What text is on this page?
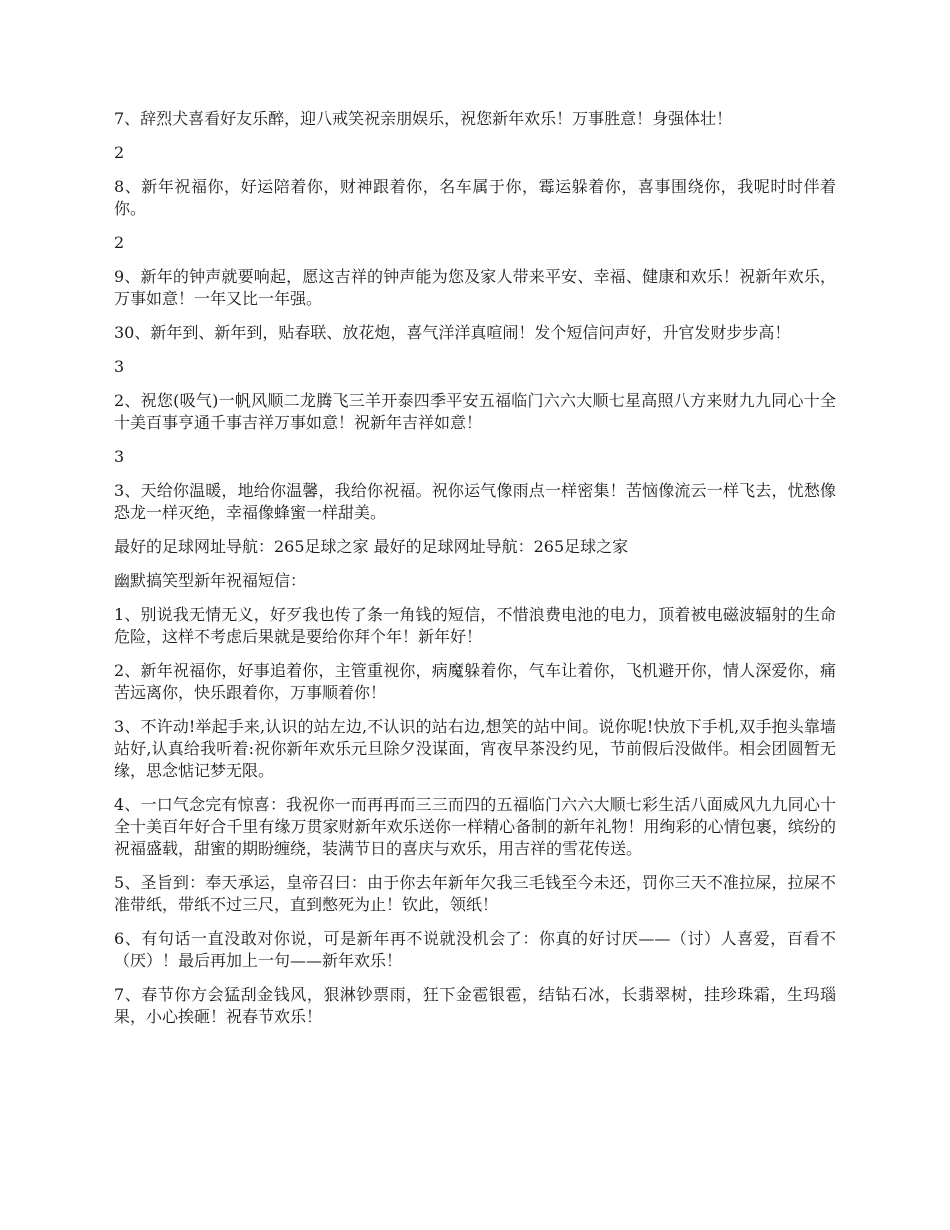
7、辞烈犬喜看好友乐醉，迎八戒笑祝亲朋娱乐，祝您新年欢乐！万事胜意！身强体壮！

2

8、新年祝福你，好运陪着你，财神跟着你，名车属于你，霉运躲着你，喜事围绕你，我呢时时伴着你。

2

9、新年的钟声就要响起，愿这吉祥的钟声能为您及家人带来平安、幸福、健康和欢乐！祝新年欢乐，万事如意！一年又比一年强。

30、新年到、新年到，贴春联、放花炮，喜气洋洋真喧闹！发个短信问声好，升官发财步步高！

3

2、祝您(吸气)一帆风顺二龙腾飞三羊开泰四季平安五福临门六六大顺七星高照八方来财九九同心十全十美百事亨通千事吉祥万事如意！祝新年吉祥如意！

3

3、天给你温暖，地给你温馨，我给你祝福。祝你运气像雨点一样密集！苦恼像流云一样飞去，忧愁像恐龙一样灭绝，幸福像蜂蜜一样甜美。

最好的足球网址导航：265足球之家 最好的足球网址导航：265足球之家

幽默搞笑型新年祝福短信：

1、别说我无情无义，好歹我也传了条一角钱的短信，不惜浪费电池的电力，顶着被电磁波辐射的生命危险，这样不考虑后果就是要给你拜个年！新年好！

2、新年祝福你，好事追着你，主管重视你，病魔躲着你，气车让着你，飞机避开你，情人深爱你，痛苦远离你，快乐跟着你，万事顺着你！

3、不许动!举起手来,认识的站左边,不认识的站右边,想笑的站中间。说你呢!快放下手机,双手抱头靠墙站好,认真给我听着:祝你新年欢乐元旦除夕没谋面，宵夜早茶没约见，节前假后没做伴。相会团圆暂无缘，思念惦记梦无限。

4、一口气念完有惊喜：我祝你一而再再而三三而四的五福临门六六大顺七彩生活八面威风九九同心十全十美百年好合千里有缘万贯家财新年欢乐送你一样精心备制的新年礼物！用绚彩的心情包裹，缤纷的祝福盛载，甜蜜的期盼缠绕，装满节日的喜庆与欢乐，用吉祥的雪花传送。

5、圣旨到：奉天承运，皇帝召曰：由于你去年新年欠我三毛钱至今未还，罚你三天不准拉屎，拉屎不准带纸，带纸不过三尺，直到憋死为止！钦此，领纸！

6、有句话一直没敢对你说，可是新年再不说就没机会了：你真的好讨厌——（讨）人喜爱，百看不（厌）！最后再加上一句——新年欢乐！

7、春节你方会猛刮金钱风，狠淋钞票雨，狂下金雹银雹，结钻石冰，长翡翠树，挂珍珠霜，生玛瑙果，小心挨砸！祝春节欢乐！
